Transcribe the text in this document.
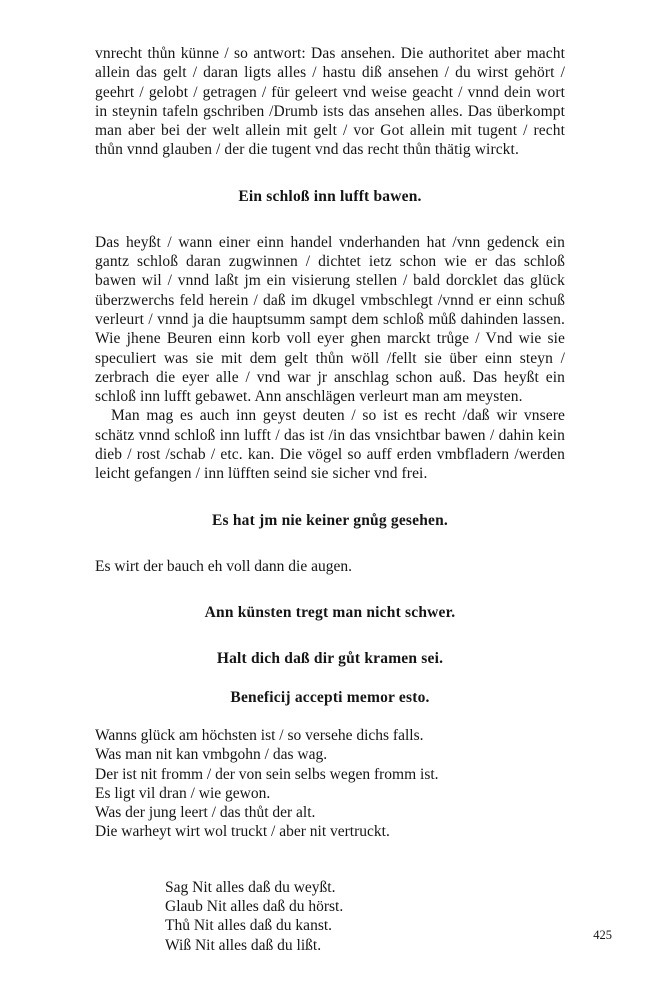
vnrecht thůn künne / so antwort: Das ansehen. Die authoritet aber macht allein das gelt / daran ligts alles / hastu diß ansehen / du wirst gehört / geehrt / gelobt / getragen / für geleert vnd weise geacht / vnnd dein wort in steynin tafeln gschriben /Drumb ists das ansehen alles. Das überkompt man aber bei der welt allein mit gelt / vor Got allein mit tugent / recht thůn vnnd glauben / der die tugent vnd das recht thůn thätig wirckt.

Ein schloß inn lufft bawen.

Das heyßt / wann einer einn handel vnderhanden hat /vnn gedenck ein gantz schloß daran zugwinnen / dichtet ietz schon wie er das schloß bawen wil / vnnd laßt jm ein visierung stellen / bald dorcklet das glück überzwerchs feld herein / daß im dkugel vmbschlegt /vnnd er einn schuß verleurt / vnnd ja die hauptsumm sampt dem schloß můß dahinden lassen. Wie jhene Beuren einn korb voll eyer ghen marckt trůge / Vnd wie sie speculiert was sie mit dem gelt thůn wöll /fellt sie über einn steyn / zerbrach die eyer alle / vnd war jr anschlag schon auß. Das heyßt ein schloß inn lufft gebawet. Ann anschlägen verleurt man am meysten.

Man mag es auch inn geyst deuten / so ist es recht /daß wir vnsere schätz vnnd schloß inn lufft / das ist /in das vnsichtbar bawen / dahin kein dieb / rost /schab / etc. kan. Die vögel so auff erden vmbfladern /werden leicht gefangen / inn lüfften seind sie sicher vnd frei.

Es hat jm nie keiner gnůg gesehen.

Es wirt der bauch eh voll dann die augen.

Ann künsten tregt man nicht schwer.

Halt dich daß dir gůt kramen sei.

Beneficij accepti memor esto.

Wanns glück am höchsten ist / so versehe dichs falls.

Was man nit kan vmbgohn / das wag.

Der ist nit fromm / der von sein selbs wegen fromm ist.

Es ligt vil dran / wie gewon.

Was der jung leert / das thůt der alt.

Die warheyt wirt wol truckt / aber nit vertruckt.

Sag Nit alles daß du weyßt.

Glaub Nit alles daß du hörst.

Thů Nit alles daß du kanst.

Wiß Nit alles daß du lißt.

425
